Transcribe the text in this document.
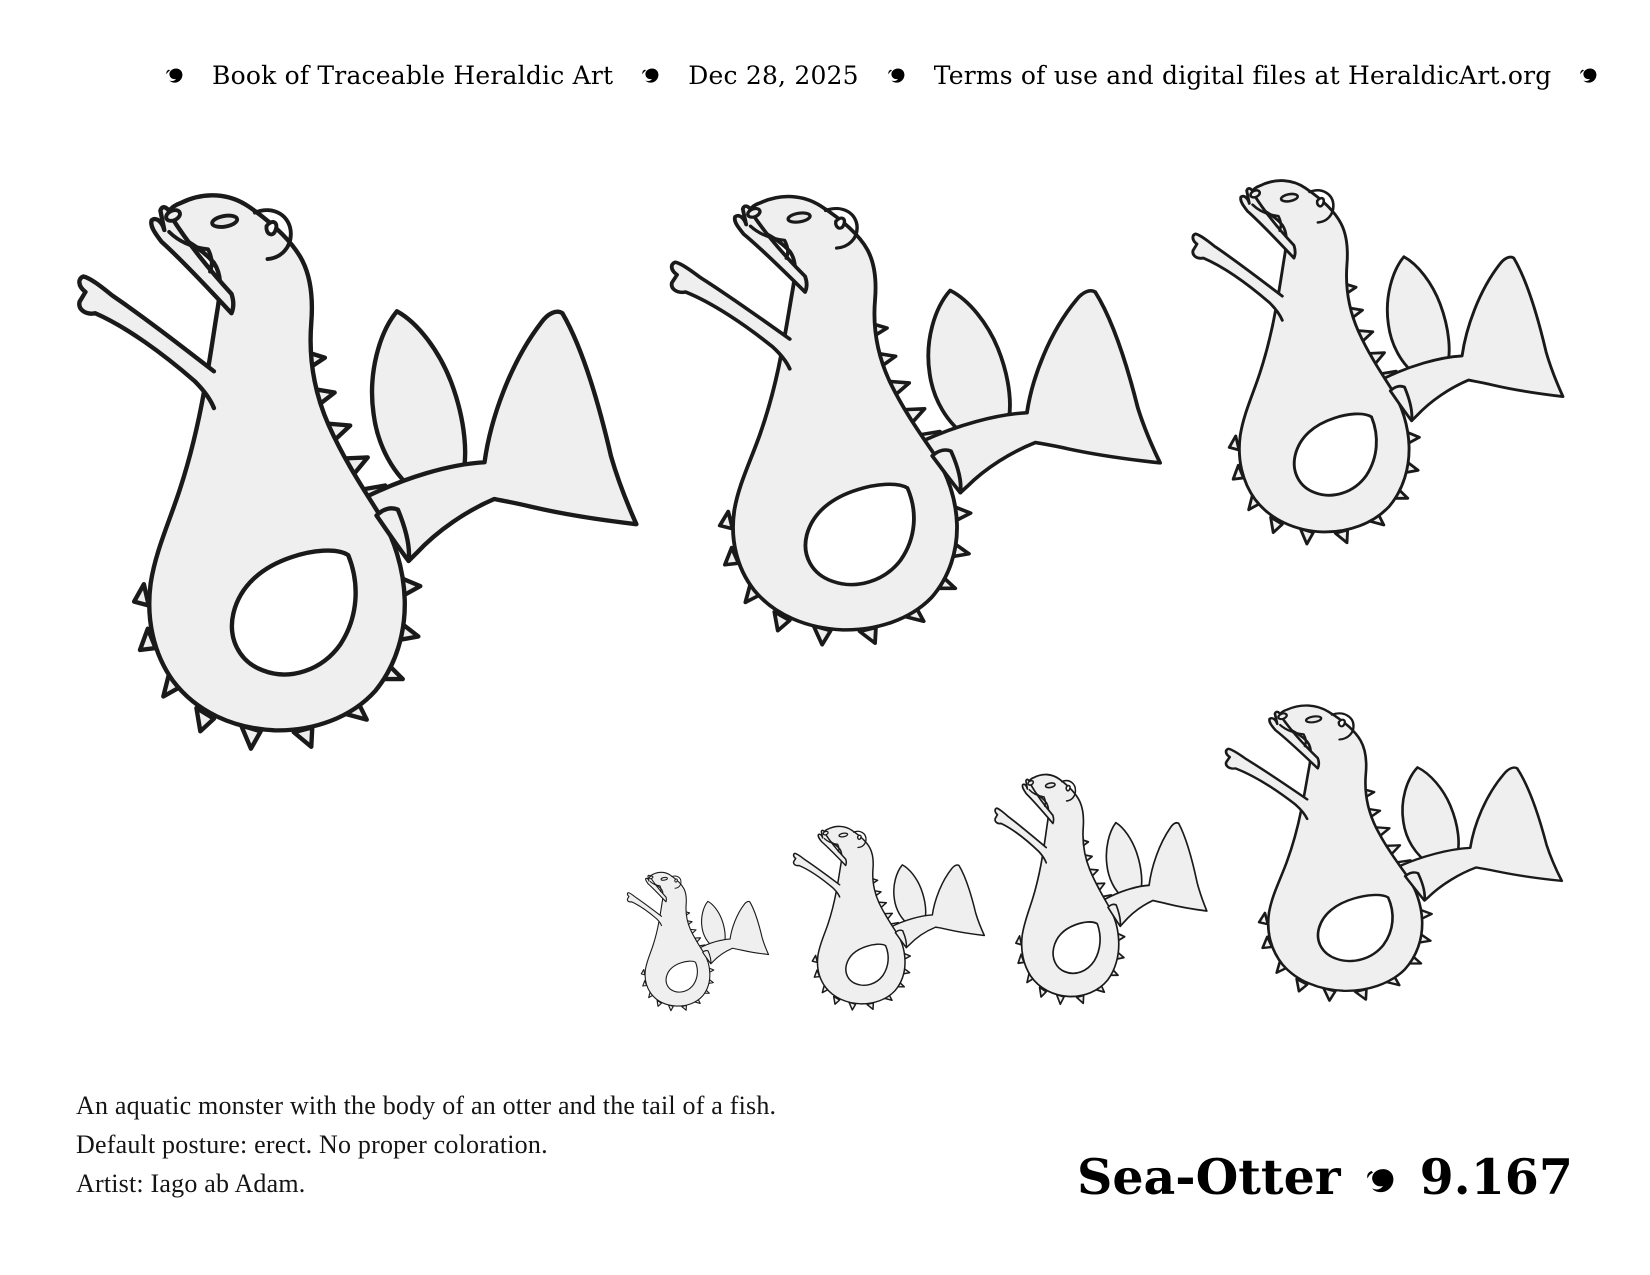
Book of Traceable Heraldic Art	Dec 28, 2025	Terms of use and digital files at HeraldicArt.org
An aquatic monster with the body of an otter and the tail of a fish.
Default posture: erect. No proper coloration.
Artist: Iago ab Adam.	Sea-Otter 9.167
